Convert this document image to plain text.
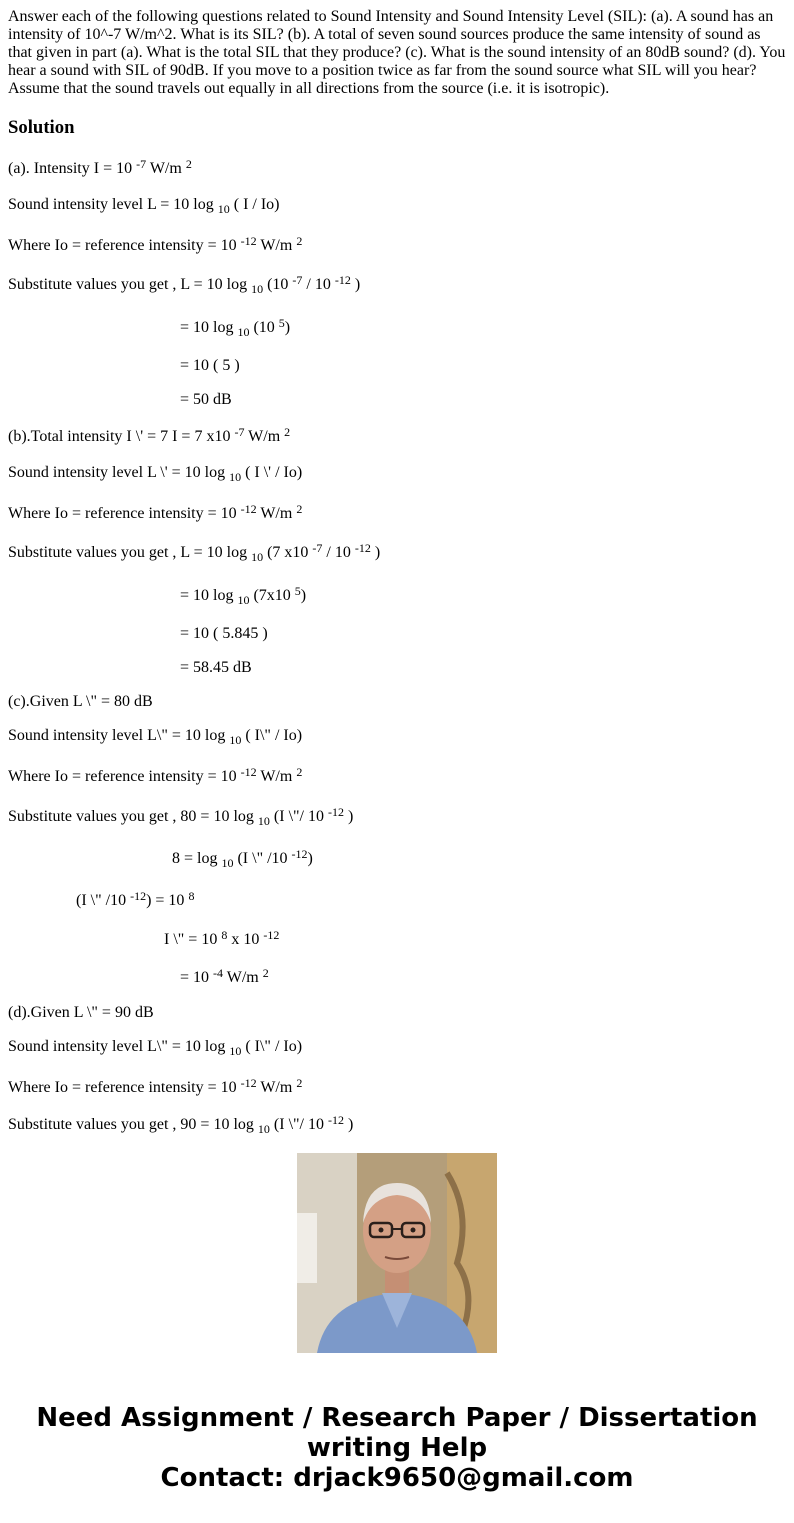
Answer each of the following questions related to Sound Intensity and Sound Intensity Level (SIL): (a). A sound has an intensity of 10^-7 W/m^2. What is its SIL? (b). A total of seven sound sources produce the same intensity of sound as that given in part (a). What is the total SIL that they produce? (c). What is the sound intensity of an 80dB sound? (d). You hear a sound with SIL of 90dB. If you move to a position twice as far from the sound source what SIL will you hear? Assume that the sound travels out equally in all directions from the source (i.e. it is isotropic).

Solution
(a). Intensity I = 10 $^{-7}$ W/m $^2$
Sound intensity level L = 10 log $_{10}$ ( I / Io)
Where Io = reference intensity = 10 $^{-12}$ W/m $^2$
Substitute values you get , L = 10 log $_{10}$ (10 $^{-7}$ / 10 $^{-12}$ )
= 10 log $_{10}$ (10 $^5$)
= 10 ( 5 )
= 50 dB
(b).Total intensity I \' = 7 I = 7 x10 $^{-7}$ W/m $^2$
Sound intensity level L \' = 10 log $_{10}$ ( I \' / Io)
Where Io = reference intensity = 10 $^{-12}$ W/m $^2$
Substitute values you get , L = 10 log $_{10}$ (7 x10 $^{-7}$ / 10 $^{-12}$ )
= 10 log $_{10}$ (7x10 $^5$)
= 10 ( 5.845 )
= 58.45 dB
(c).Given L \" = 80 dB
Sound intensity level L\" = 10 log $_{10}$ ( I\" / Io)
Where Io = reference intensity = 10 $^{-12}$ W/m $^2$
Substitute values you get , 80 = 10 log $_{10}$ (I \"/ 10 $^{-12}$ )
8 = log $_{10}$ (I \" /10 $^{-12}$)
(I \" /10 $^{-12}$) = 10 $^8$
I \" = 10 $^8$ x 10 $^{-12}$
= 10 $^{-4}$ W/m $^2$
(d).Given L \" = 90 dB
Sound intensity level L\" = 10 log $_{10}$ ( I\" / Io)
Where Io = reference intensity = 10 $^{-12}$ W/m $^2$
Substitute values you get , 90 = 10 log $_{10}$ (I \"/ 10 $^{-12}$ )
Need Assignment / Research Paper / Dissertation
writing Help
Contact: drjack9650@gmail.com
